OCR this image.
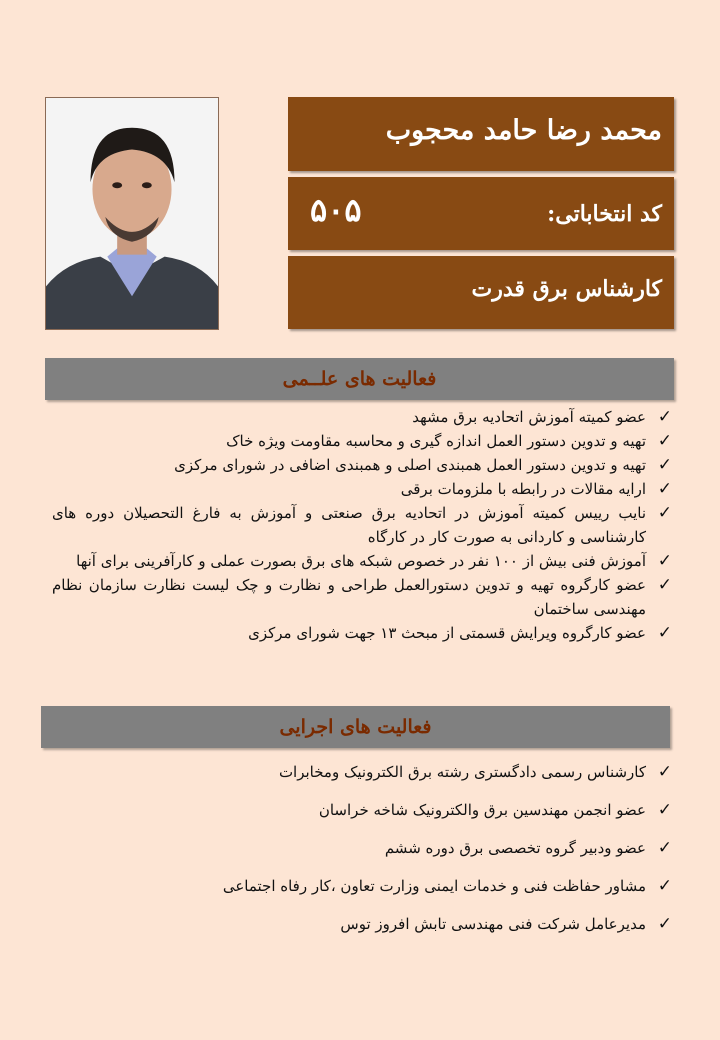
محمد رضا حامد محجوب
کد انتخاباتی:
۵۰۵
کارشناس برق قدرت
فعالیت های علــمی
✓
عضو کمیته آموزش اتحادیه برق مشهد
✓
تهیه و تدوین دستور العمل اندازه گیری و محاسبه مقاومت ویژه خاک
✓
تهیه و تدوین دستور العمل همبندی اصلی و همبندی اضافی در شورای مرکزی
✓
ارایه مقالات در رابطه با ملزومات برقی
✓
نایب رییس کمیته آموزش در اتحادیه برق صنعتی و آموزش به فارغ التحصیلان دوره های کارشناسی و کاردانی به صورت کار در کارگاه
✓
آموزش فنی بیش از ۱۰۰ نفر در خصوص شبکه های برق بصورت عملی و کارآفرینی برای آنها
✓
عضو کارگروه تهیه و تدوین دستورالعمل طراحی و نظارت و چک لیست نظارت سازمان نظام مهندسی ساختمان
✓
عضو کارگروه ویرایش قسمتی از مبحث ۱۳ جهت شورای مرکزی
فعالیت های اجرایی
✓
کارشناس رسمی دادگستری رشته برق الکترونیک ومخابرات
✓
عضو انجمن مهندسین برق والکترونیک شاخه خراسان
✓
عضو ودبیر گروه تخصصی برق دوره ششم
✓
مشاور حفاظت فنی و خدمات ایمنی وزارت تعاون ،کار رفاه اجتماعی
✓
مدیرعامل شرکت فنی مهندسی تابش افروز توس
